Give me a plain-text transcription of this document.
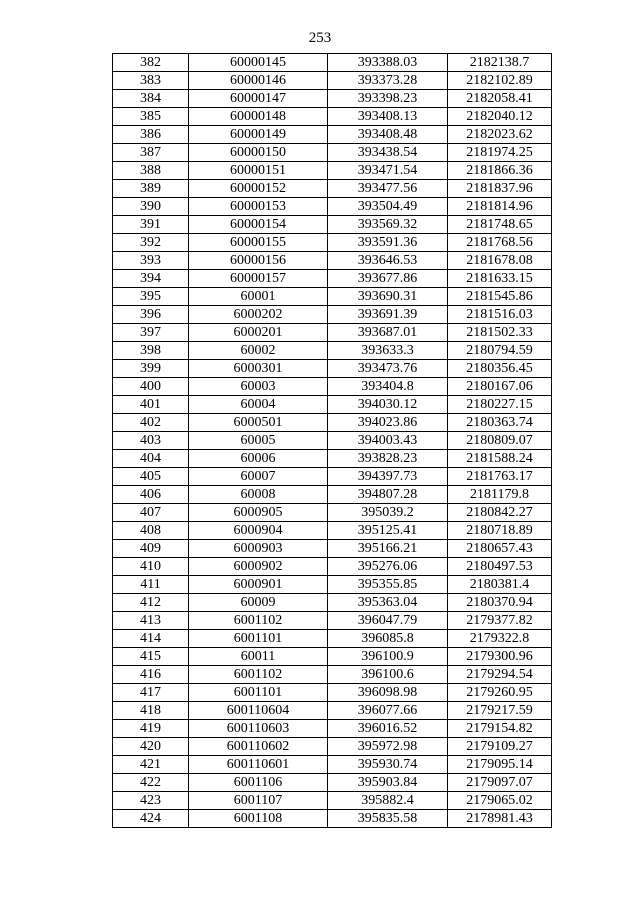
253
382	60000145	393388.03	2182138.7
383	60000146	393373.28	2182102.89
384	60000147	393398.23	2182058.41
385	60000148	393408.13	2182040.12
386	60000149	393408.48	2182023.62
387	60000150	393438.54	2181974.25
388	60000151	393471.54	2181866.36
389	60000152	393477.56	2181837.96
390	60000153	393504.49	2181814.96
391	60000154	393569.32	2181748.65
392	60000155	393591.36	2181768.56
393	60000156	393646.53	2181678.08
394	60000157	393677.86	2181633.15
395	60001	393690.31	2181545.86
396	6000202	393691.39	2181516.03
397	6000201	393687.01	2181502.33
398	60002	393633.3	2180794.59
399	6000301	393473.76	2180356.45
400	60003	393404.8	2180167.06
401	60004	394030.12	2180227.15
402	6000501	394023.86	2180363.74
403	60005	394003.43	2180809.07
404	60006	393828.23	2181588.24
405	60007	394397.73	2181763.17
406	60008	394807.28	2181179.8
407	6000905	395039.2	2180842.27
408	6000904	395125.41	2180718.89
409	6000903	395166.21	2180657.43
410	6000902	395276.06	2180497.53
411	6000901	395355.85	2180381.4
412	60009	395363.04	2180370.94
413	6001102	396047.79	2179377.82
414	6001101	396085.8	2179322.8
415	60011	396100.9	2179300.96
416	6001102	396100.6	2179294.54
417	6001101	396098.98	2179260.95
418	600110604	396077.66	2179217.59
419	600110603	396016.52	2179154.82
420	600110602	395972.98	2179109.27
421	600110601	395930.74	2179095.14
422	6001106	395903.84	2179097.07
423	6001107	395882.4	2179065.02
424	6001108	395835.58	2178981.43
